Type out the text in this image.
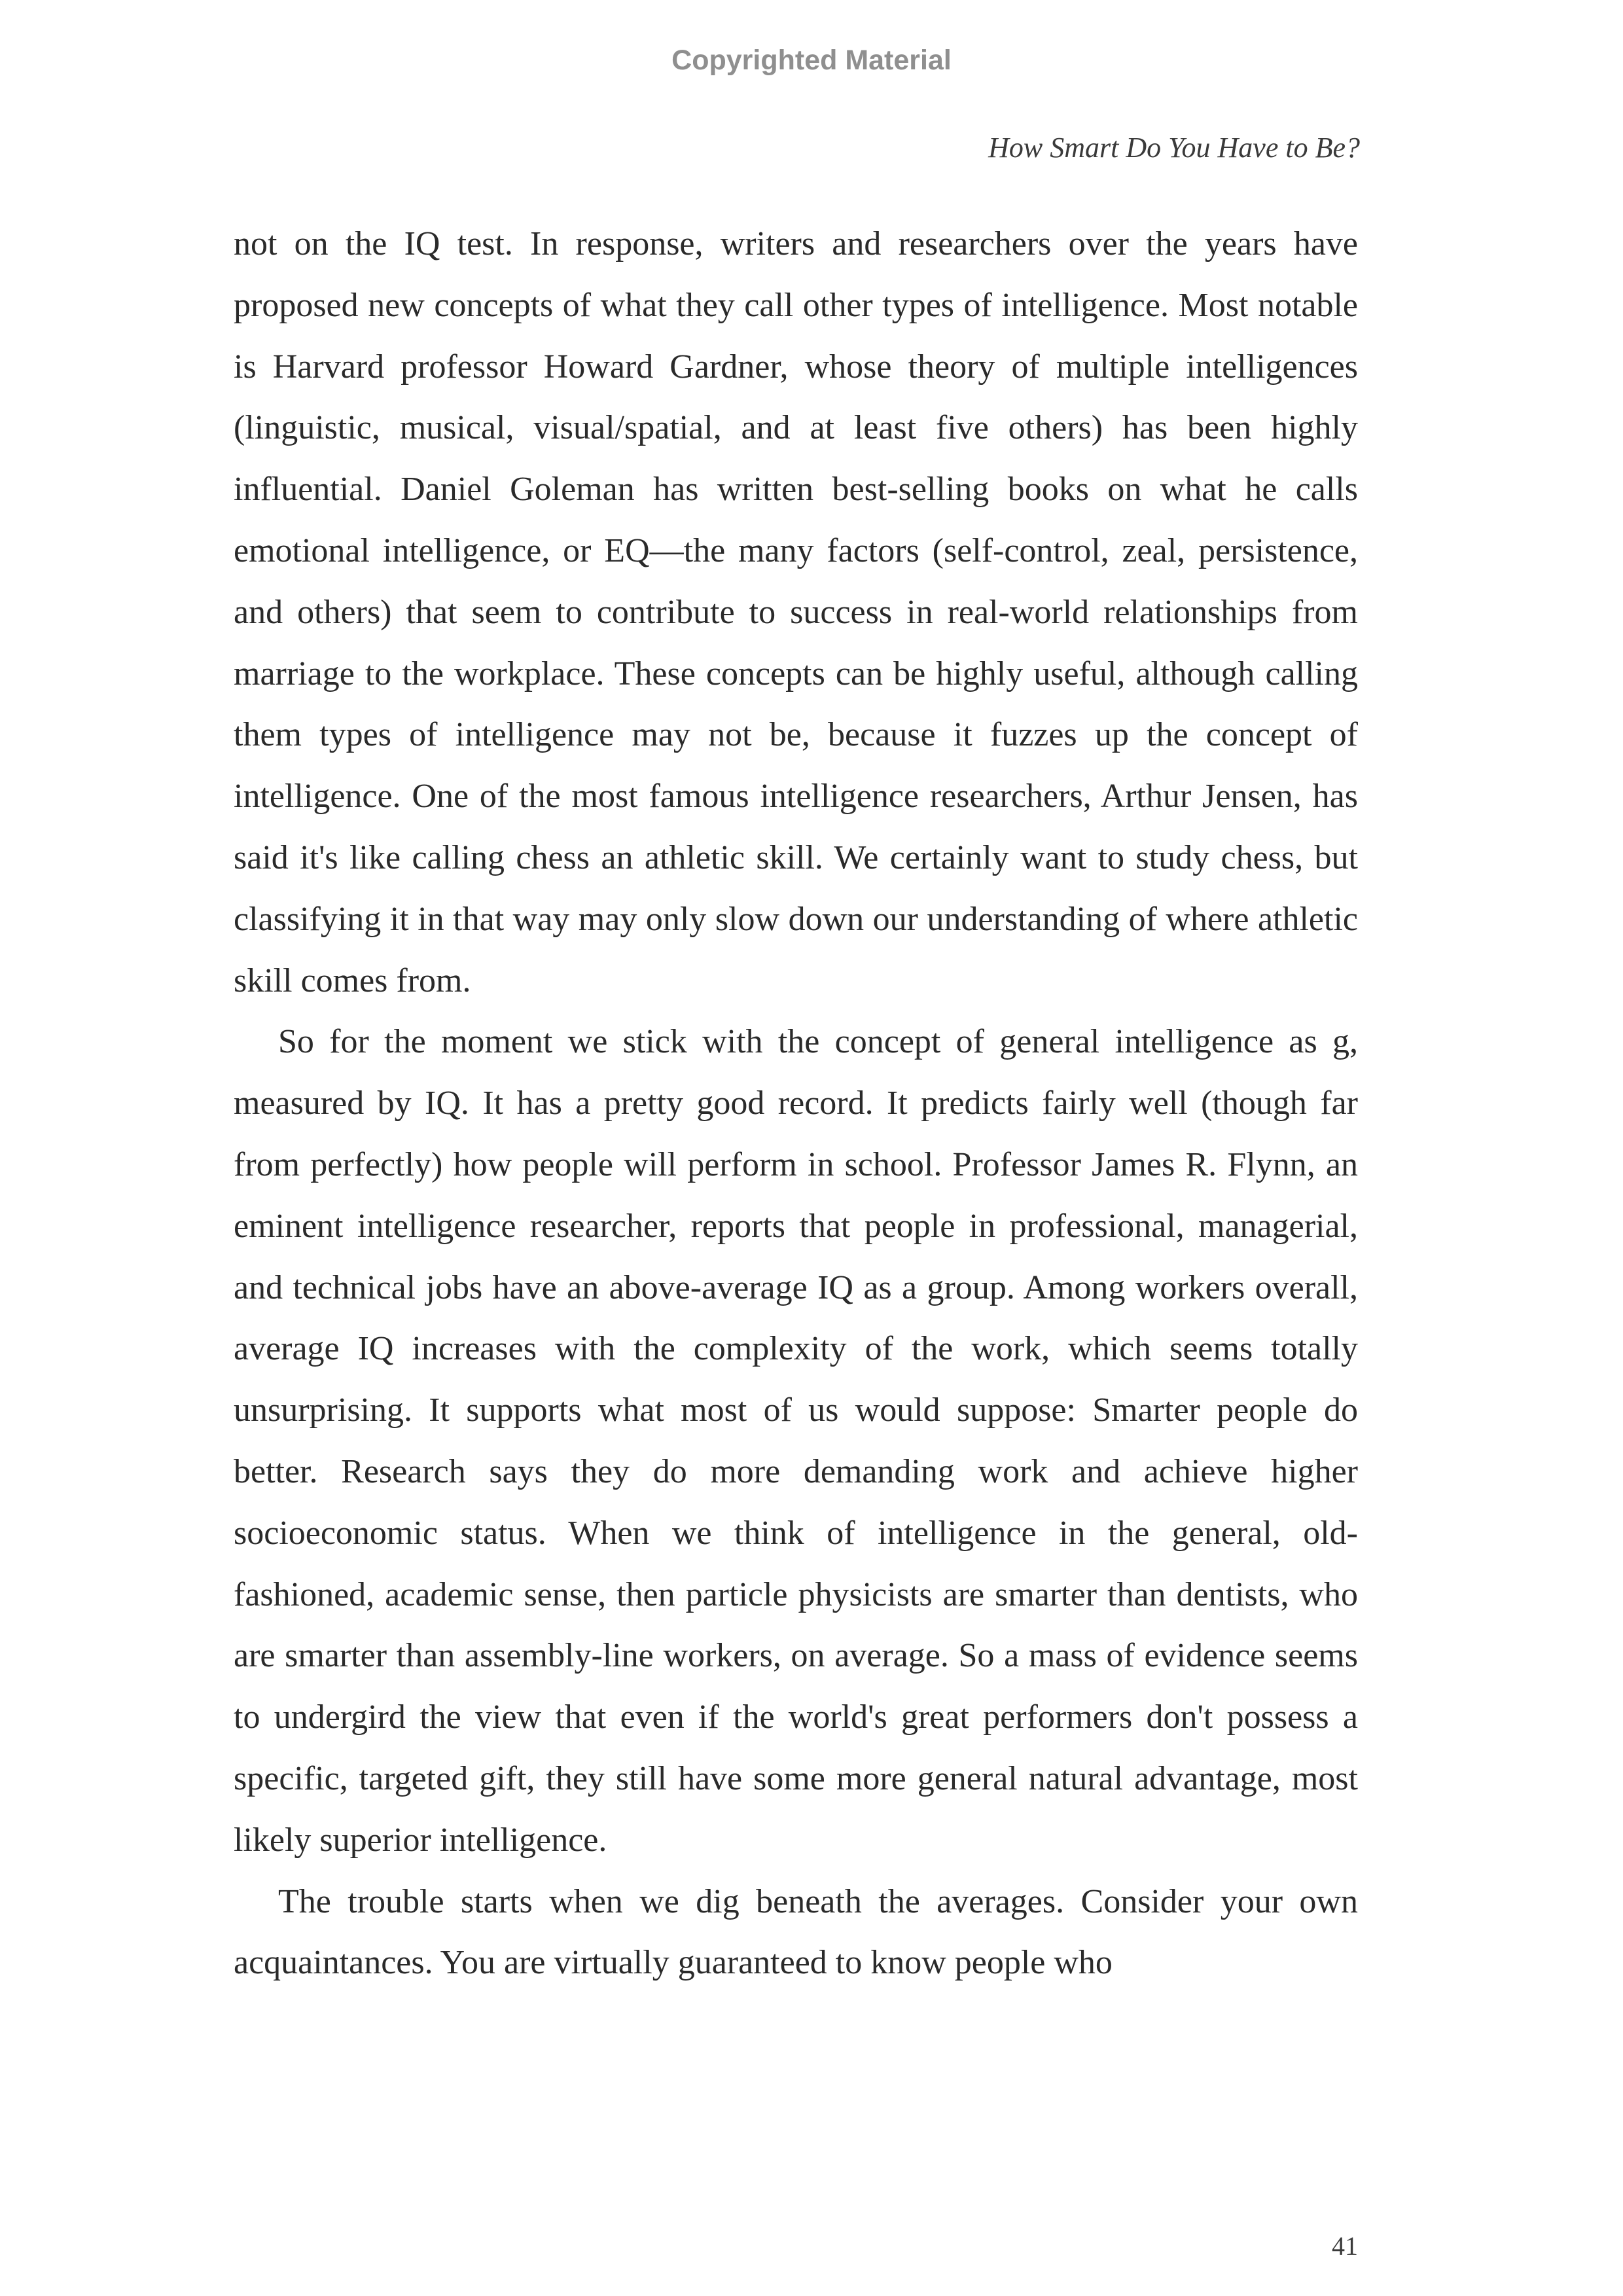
Copyrighted Material
How Smart Do You Have to Be?

not on the IQ test. In response, writers and researchers over the years have proposed new concepts of what they call other types of intelligence. Most notable is Harvard professor Howard Gardner, whose theory of multiple intelligences (linguistic, musical, visual/spatial, and at least five others) has been highly influential. Daniel Goleman has written best-selling books on what he calls emotional intelligence, or EQ—the many factors (self-control, zeal, persistence, and others) that seem to contribute to success in real-world relationships from marriage to the workplace. These concepts can be highly useful, although calling them types of intelligence may not be, because it fuzzes up the concept of intelligence. One of the most famous intelligence researchers, Arthur Jensen, has said it's like calling chess an athletic skill. We certainly want to study chess, but classifying it in that way may only slow down our understanding of where athletic skill comes from.

So for the moment we stick with the concept of general intelligence as g, measured by IQ. It has a pretty good record. It predicts fairly well (though far from perfectly) how people will perform in school. Professor James R. Flynn, an eminent intelligence researcher, reports that people in professional, managerial, and technical jobs have an above-average IQ as a group. Among workers overall, average IQ increases with the complexity of the work, which seems totally unsurprising. It supports what most of us would suppose: Smarter people do better. Research says they do more demanding work and achieve higher socioeconomic status. When we think of intelligence in the general, old-fashioned, academic sense, then particle physicists are smarter than dentists, who are smarter than assembly-line workers, on average. So a mass of evidence seems to undergird the view that even if the world's great performers don't possess a specific, targeted gift, they still have some more general natural advantage, most likely superior intelligence.

The trouble starts when we dig beneath the averages. Consider your own acquaintances. You are virtually guaranteed to know people who

41
